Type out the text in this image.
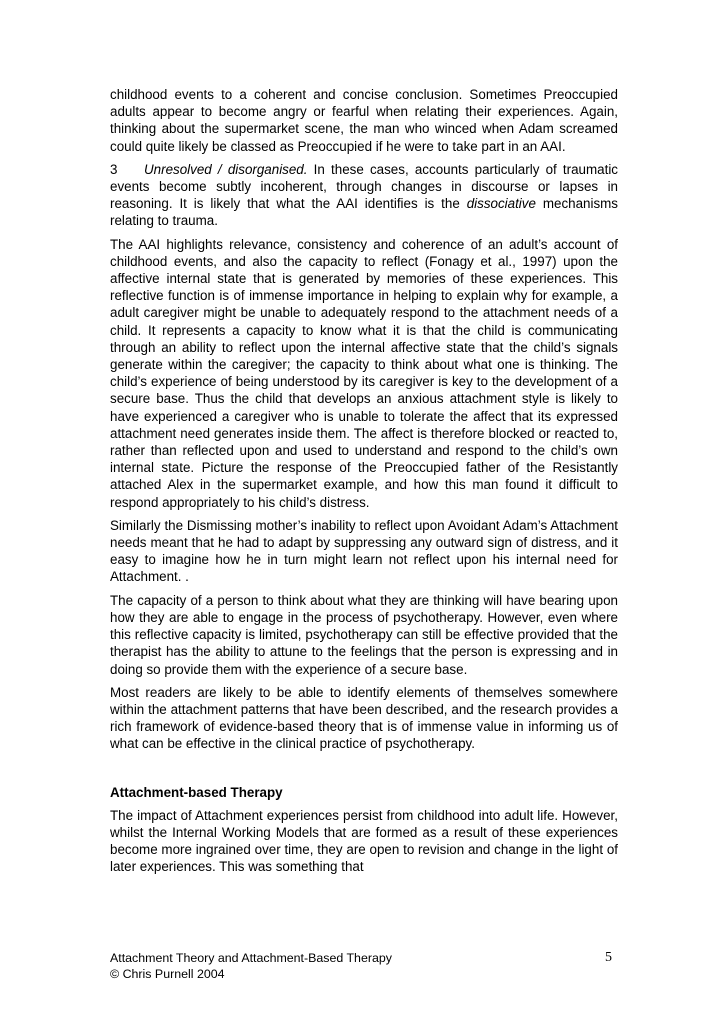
childhood events to a coherent and concise conclusion. Sometimes Preoccupied adults appear to become angry or fearful when relating their experiences. Again, thinking about the supermarket scene, the man who winced when Adam screamed could quite likely be classed as Preoccupied if he were to take part in an AAI.

3 Unresolved / disorganised. In these cases, accounts particularly of traumatic events become subtly incoherent, through changes in discourse or lapses in reasoning. It is likely that what the AAI identifies is the dissociative mechanisms relating to trauma.

The AAI highlights relevance, consistency and coherence of an adult’s account of childhood events, and also the capacity to reflect (Fonagy et al., 1997) upon the affective internal state that is generated by memories of these experiences. This reflective function is of immense importance in helping to explain why for example, a adult caregiver might be unable to adequately respond to the attachment needs of a child. It represents a capacity to know what it is that the child is communicating through an ability to reflect upon the internal affective state that the child’s signals generate within the caregiver; the capacity to think about what one is thinking. The child’s experience of being understood by its caregiver is key to the development of a secure base. Thus the child that develops an anxious attachment style is likely to have experienced a caregiver who is unable to tolerate the affect that its expressed attachment need generates inside them. The affect is therefore blocked or reacted to, rather than reflected upon and used to understand and respond to the child’s own internal state. Picture the response of the Preoccupied father of the Resistantly attached Alex in the supermarket example, and how this man found it difficult to respond appropriately to his child’s distress.

Similarly the Dismissing mother’s inability to reflect upon Avoidant Adam’s Attachment needs meant that he had to adapt by suppressing any outward sign of distress, and it easy to imagine how he in turn might learn not reflect upon his internal need for Attachment. .

The capacity of a person to think about what they are thinking will have bearing upon how they are able to engage in the process of psychotherapy. However, even where this reflective capacity is limited, psychotherapy can still be effective provided that the therapist has the ability to attune to the feelings that the person is expressing and in doing so provide them with the experience of a secure base.

Most readers are likely to be able to identify elements of themselves somewhere within the attachment patterns that have been described, and the research provides a rich framework of evidence-based theory that is of immense value in informing us of what can be effective in the clinical practice of psychotherapy.

Attachment-based Therapy

The impact of Attachment experiences persist from childhood into adult life. However, whilst the Internal Working Models that are formed as a result of these experiences become more ingrained over time, they are open to revision and change in the light of later experiences. This was something that

Attachment Theory and Attachment-Based Therapy	5
© Chris Purnell 2004
